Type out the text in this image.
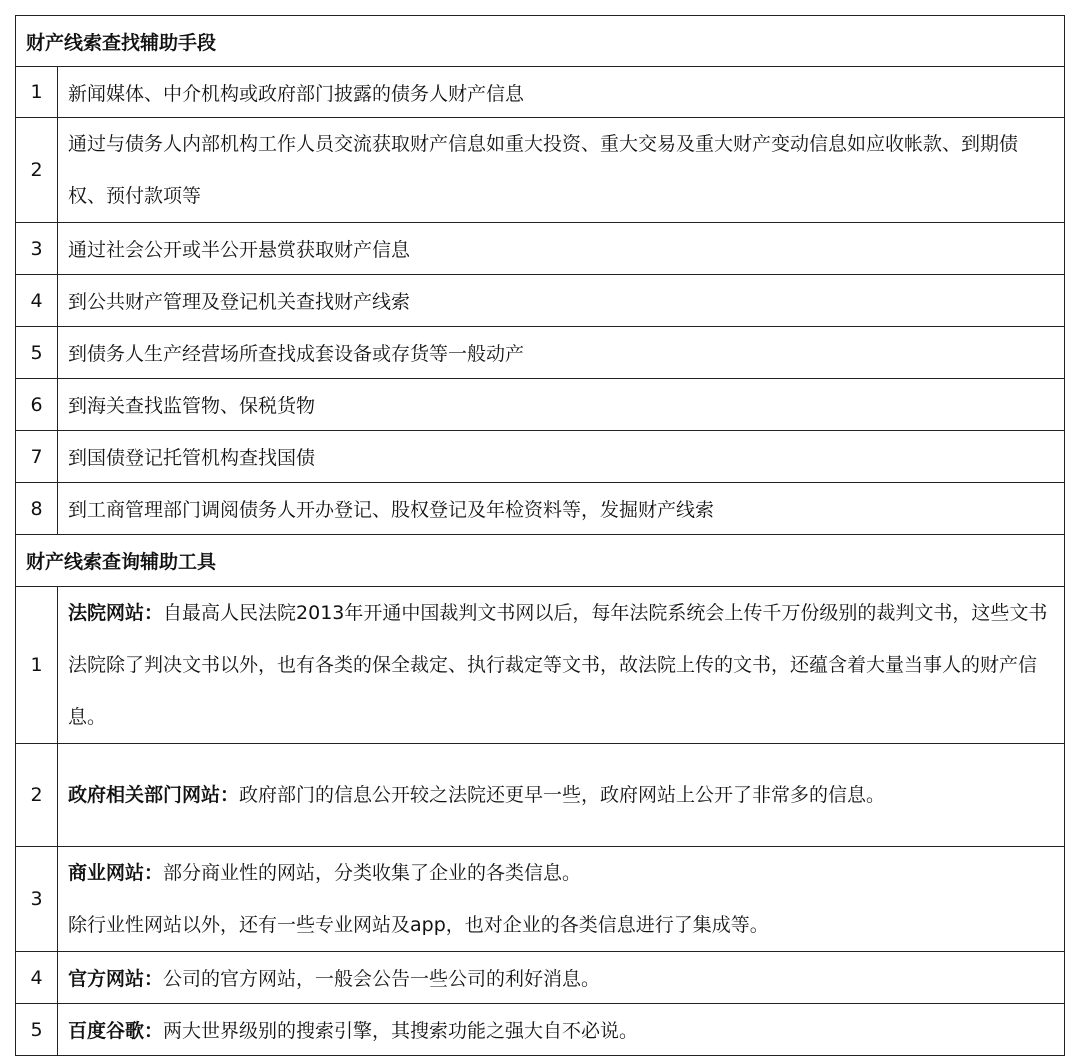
财产线索查找辅助手段	
1	新闻媒体、中介机构或政府部门披露的债务人财产信息
2	通过与债务人内部机构工作人员交流获取财产信息如重大投资、重大交易及重大财产变动信息如应收帐款、到期债权、预付款项等
3	通过社会公开或半公开悬赏获取财产信息
4	到公共财产管理及登记机关查找财产线索
5	到债务人生产经营场所查找成套设备或存货等一般动产
6	到海关查找监管物、保税货物
7	到国债登记托管机构查找国债
8	到工商管理部门调阅债务人开办登记、股权登记及年检资料等，发掘财产线索
财产线索查询辅助工具	
1	法院网站：自最高人民法院2013年开通中国裁判文书网以后，每年法院系统会上传千万份级别的裁判文书，这些文书法院除了判决文书以外，也有各类的保全裁定、执行裁定等文书，故法院上传的文书，还蕴含着大量当事人的财产信息。
2	政府相关部门网站：政府部门的信息公开较之法院还更早一些，政府网站上公开了非常多的信息。
3	商业网站：部分商业性的网站，分类收集了企业的各类信息。
除行业性网站以外，还有一些专业网站及app，也对企业的各类信息进行了集成等。
4	官方网站：公司的官方网站，一般会公告一些公司的利好消息。
5	百度谷歌：两大世界级别的搜索引擎，其搜索功能之强大自不必说。
